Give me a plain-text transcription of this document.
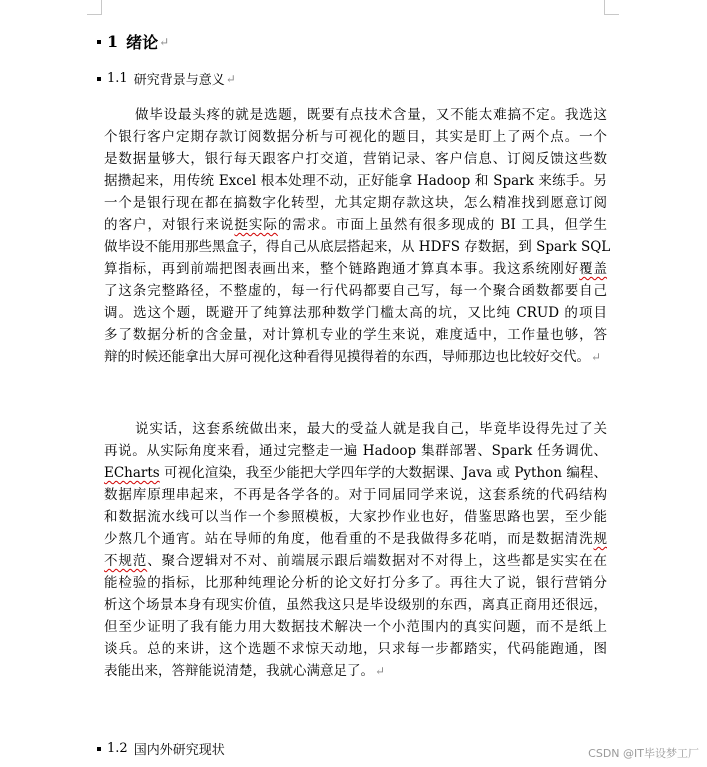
1 绪论 ↵
1.1 研究背景与意义 ↵
做毕设最头疼的就是选题，既要有点技术含量，又不能太难搞不定。我选这
个银行客户定期存款订阅数据分析与可视化的题目，其实是盯上了两个点。一个
是数据量够大，银行每天跟客户打交道，营销记录、客户信息、订阅反馈这些数
据攒起来，用传统 Excel 根本处理不动，正好能拿 Hadoop 和 Spark 来练手。另
一个是银行现在都在搞数字化转型，尤其定期存款这块，怎么精准找到愿意订阅
的客户，对银行来说挺实际的需求。市面上虽然有很多现成的 BI 工具，但学生
做毕设不能用那些黑盒子，得自己从底层搭起来，从 HDFS 存数据，到 Spark SQL
算指标，再到前端把图表画出来，整个链路跑通才算真本事。我这系统刚好覆盖
了这条完整路径，不整虚的，每一行代码都要自己写，每一个聚合函数都要自己
调。选这个题，既避开了纯算法那种数学门槛太高的坑，又比纯 CRUD 的项目
多了数据分析的含金量，对计算机专业的学生来说，难度适中，工作量也够，答
辩的时候还能拿出大屏可视化这种看得见摸得着的东西，导师那边也比较好交代。↵
说实话，这套系统做出来，最大的受益人就是我自己，毕竟毕设得先过了关
再说。从实际角度来看，通过完整走一遍 Hadoop 集群部署、Spark 任务调优、
ECharts 可视化渲染，我至少能把大学四年学的大数据课、Java 或 Python 编程、
数据库原理串起来，不再是各学各的。对于同届同学来说，这套系统的代码结构
和数据流水线可以当作一个参照模板，大家抄作业也好，借鉴思路也罢，至少能
少熬几个通宵。站在导师的角度，他看重的不是我做得多花哨，而是数据清洗规
不规范、聚合逻辑对不对、前端展示跟后端数据对不对得上，这些都是实实在在
能检验的指标，比那种纯理论分析的论文好打分多了。再往大了说，银行营销分
析这个场景本身有现实价值，虽然我这只是毕设级别的东西，离真正商用还很远，
但至少证明了我有能力用大数据技术解决一个小范围内的真实问题，而不是纸上
谈兵。总的来讲，这个选题不求惊天动地，只求每一步都踏实，代码能跑通，图
表能出来，答辩能说清楚，我就心满意足了。↵
1.2 国内外研究现状	CSDN @IT毕设梦工厂
